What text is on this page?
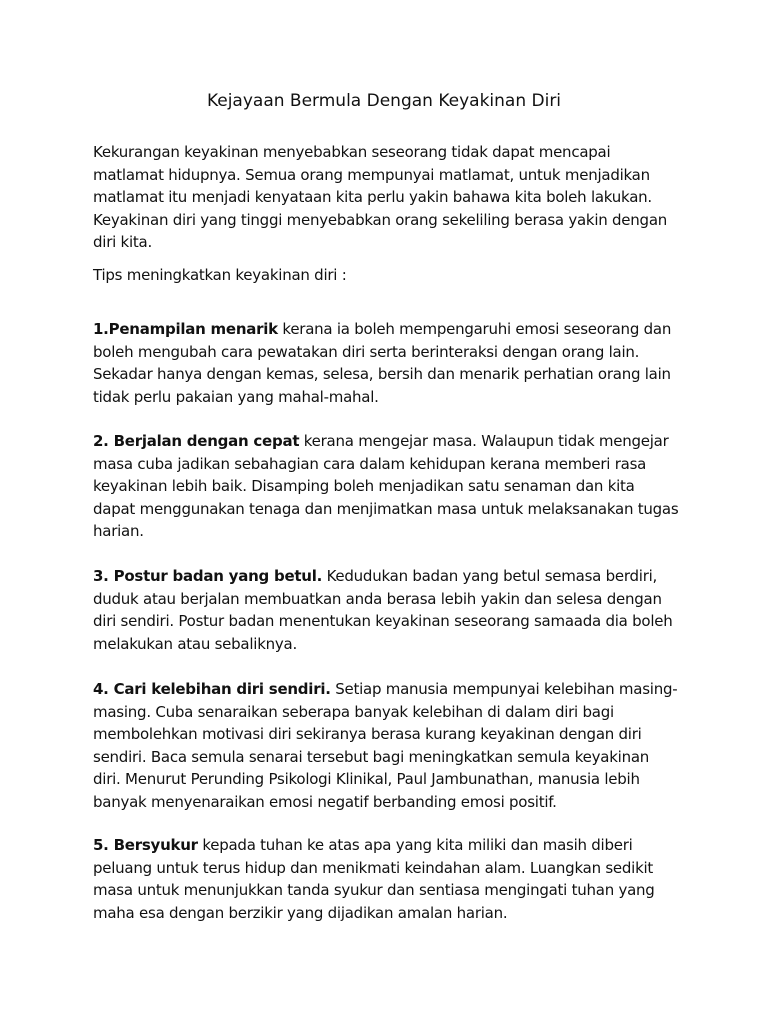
Kejayaan Bermula Dengan Keyakinan Diri
Kekurangan keyakinan menyebabkan seseorang tidak dapat mencapai
matlamat hidupnya. Semua orang mempunyai matlamat, untuk menjadikan
matlamat itu menjadi kenyataan kita perlu yakin bahawa kita boleh lakukan.
Keyakinan diri yang tinggi menyebabkan orang sekeliling berasa yakin dengan
diri kita.
Tips meningkatkan keyakinan diri :
1.Penampilan menarik kerana ia boleh mempengaruhi emosi seseorang dan
boleh mengubah cara pewatakan diri serta berinteraksi dengan orang lain.
Sekadar hanya dengan kemas, selesa, bersih dan menarik perhatian orang lain
tidak perlu pakaian yang mahal-mahal.
2. Berjalan dengan cepat kerana mengejar masa. Walaupun tidak mengejar
masa cuba jadikan sebahagian cara dalam kehidupan kerana memberi rasa
keyakinan lebih baik. Disamping boleh menjadikan satu senaman dan kita
dapat menggunakan tenaga dan menjimatkan masa untuk melaksanakan tugas
harian.
3. Postur badan yang betul. Kedudukan badan yang betul semasa berdiri,
duduk atau berjalan membuatkan anda berasa lebih yakin dan selesa dengan
diri sendiri. Postur badan menentukan keyakinan seseorang samaada dia boleh
melakukan atau sebaliknya.
4. Cari kelebihan diri sendiri. Setiap manusia mempunyai kelebihan masing-
masing. Cuba senaraikan seberapa banyak kelebihan di dalam diri bagi
membolehkan motivasi diri sekiranya berasa kurang keyakinan dengan diri
sendiri. Baca semula senarai tersebut bagi meningkatkan semula keyakinan
diri. Menurut Perunding Psikologi Klinikal, Paul Jambunathan, manusia lebih
banyak menyenaraikan emosi negatif berbanding emosi positif.
5. Bersyukur kepada tuhan ke atas apa yang kita miliki dan masih diberi
peluang untuk terus hidup dan menikmati keindahan alam. Luangkan sedikit
masa untuk menunjukkan tanda syukur dan sentiasa mengingati tuhan yang
maha esa dengan berzikir yang dijadikan amalan harian.
